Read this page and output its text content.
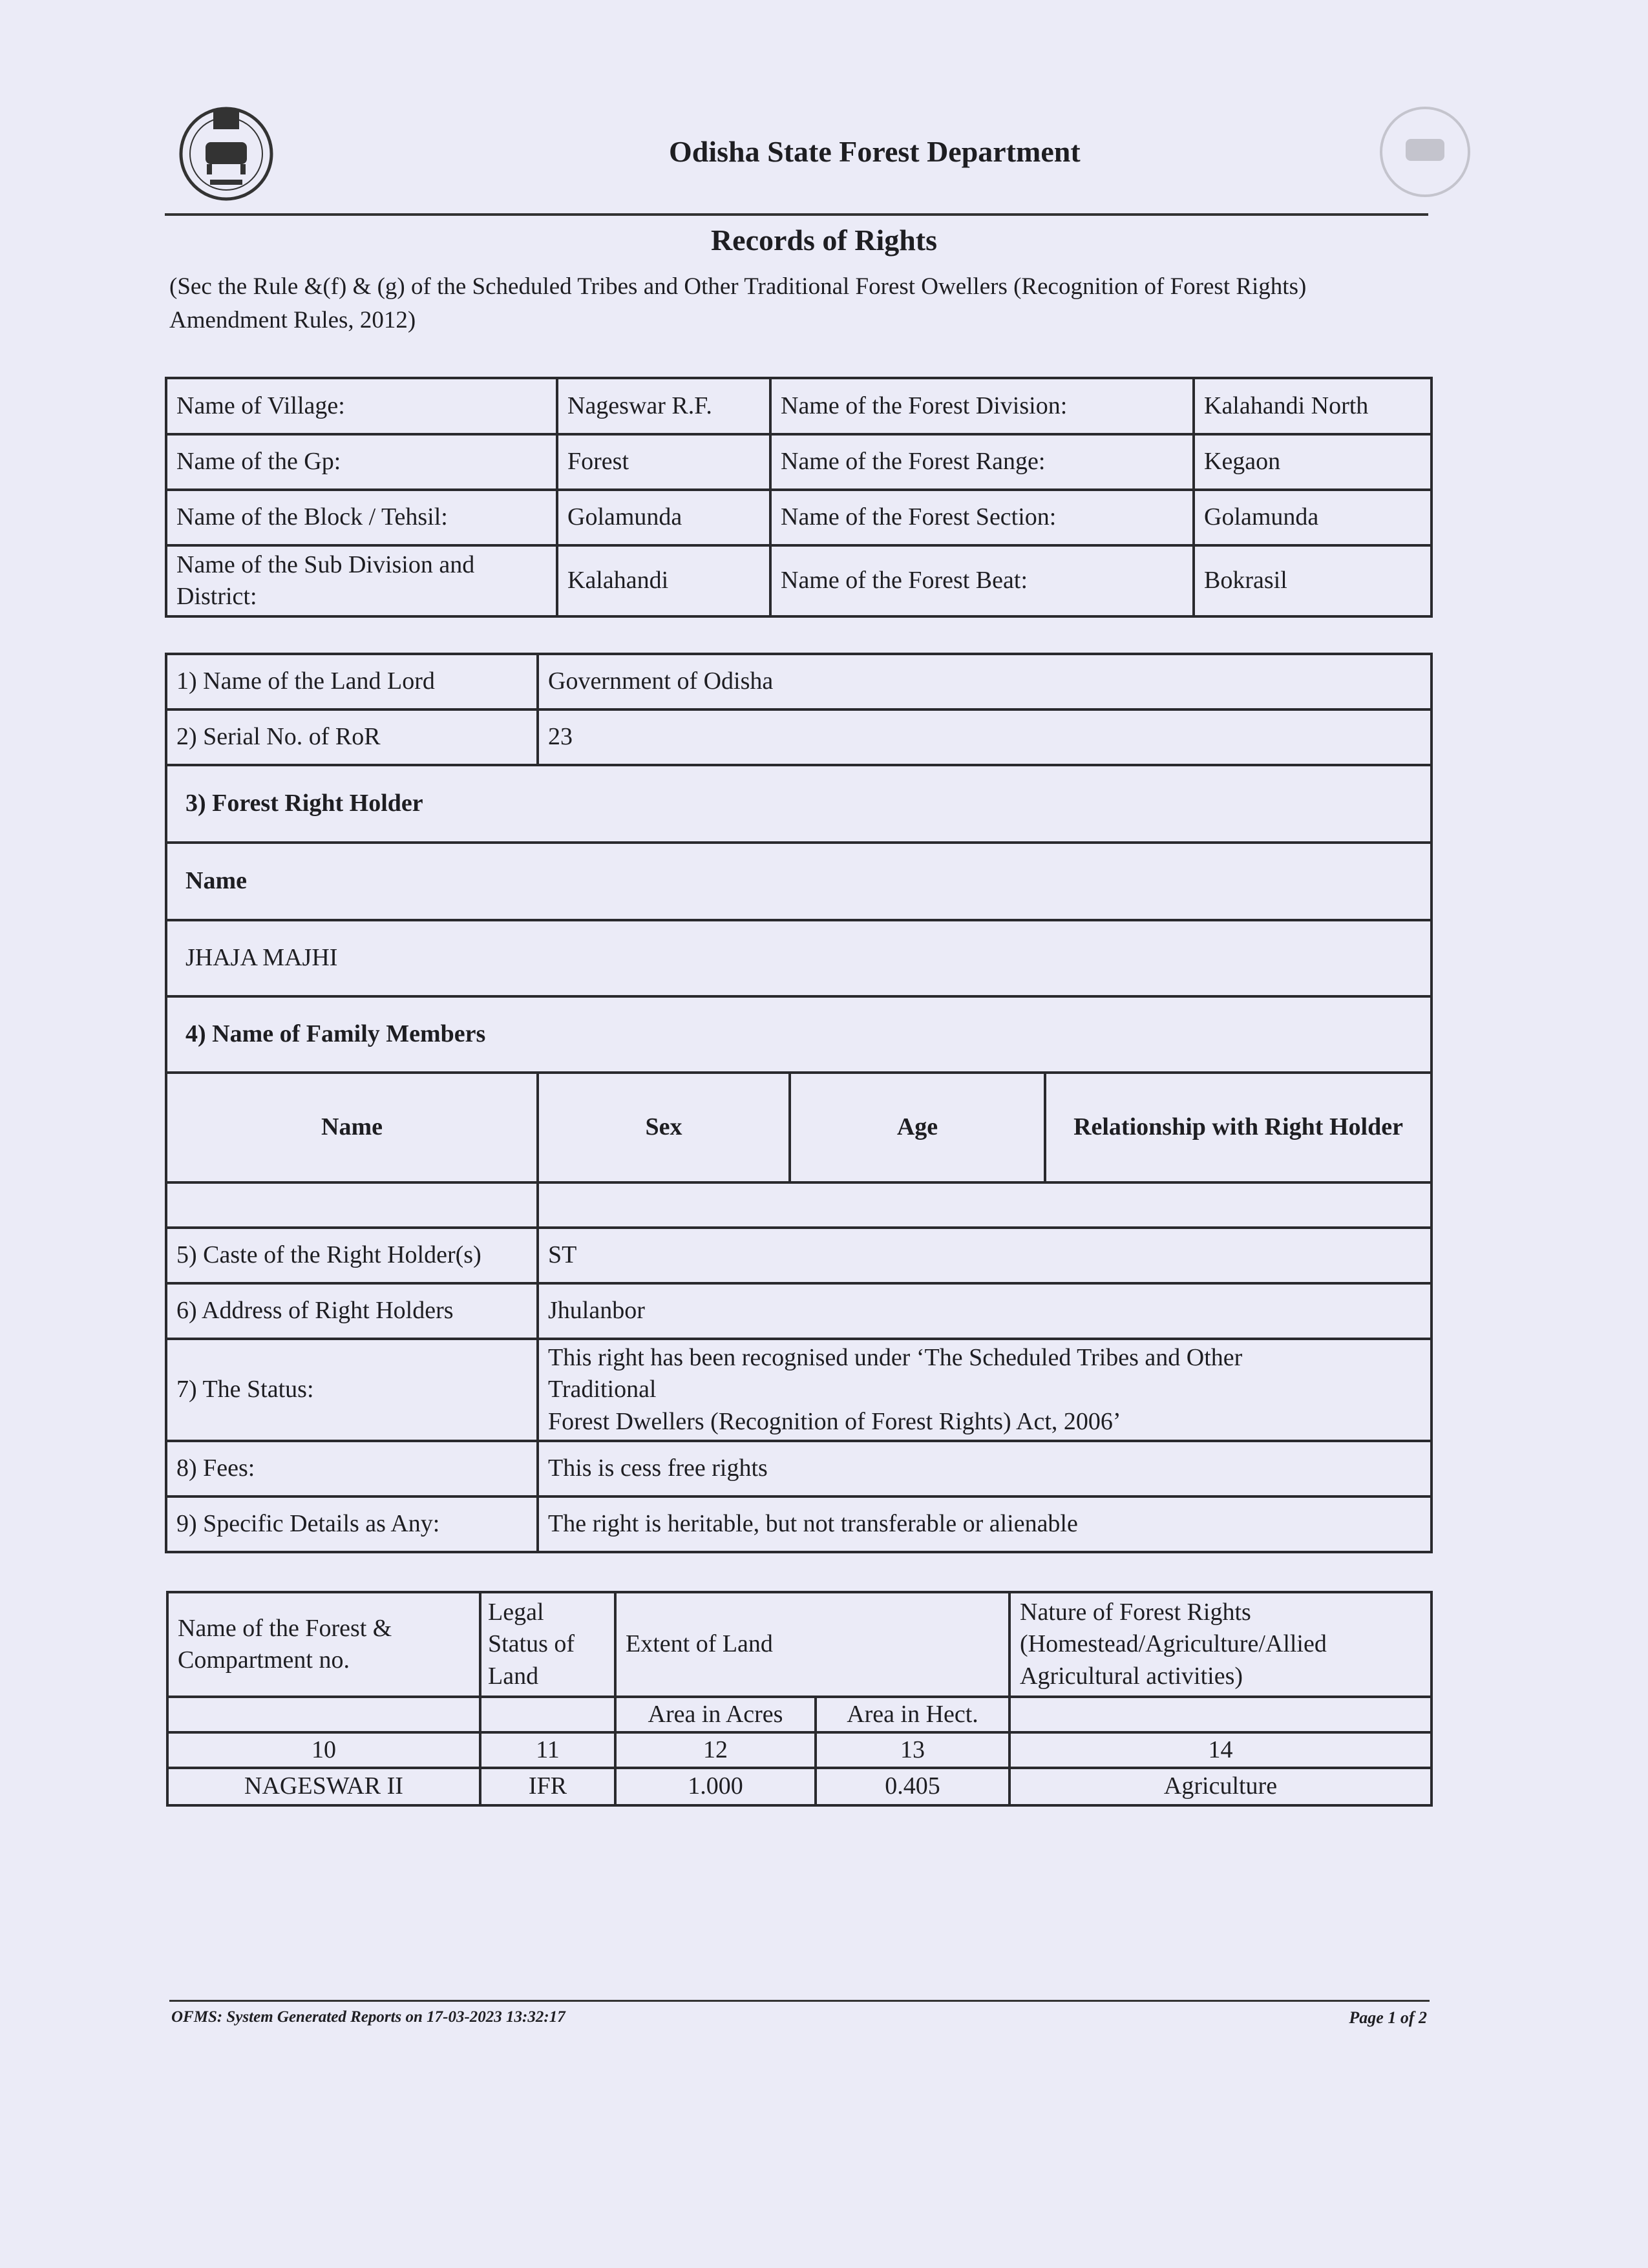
Odisha State Forest Department
Records of Rights
(Sec the Rule &(f) & (g) of the Scheduled Tribes and Other Traditional Forest Owellers (Recognition of Forest Rights) Amendment Rules, 2012)
Name of Village:	Nageswar R.F.	Name of the Forest Division:	Kalahandi North
Name of the Gp:	Forest	Name of the Forest Range:	Kegaon
Name of the Block / Tehsil:	Golamunda	Name of the Forest Section:	Golamunda
Name of the Sub Division and District:	Kalahandi	Name of the Forest Beat:	Bokrasil
1) Name of the Land Lord	Government of Odisha		
2) Serial No. of RoR	23		
3) Forest Right Holder			
Name			
JHAJA MAJHI			
4) Name of Family Members			
Name	Sex	Age	Relationship with Right Holder

5) Caste of the Right Holder(s)	ST		
6) Address of Right Holders	Jhulanbor		
7) The Status:	This right has been recognised under ‘The Scheduled Tribes and Other
Traditional
Forest Dwellers (Recognition of Forest Rights) Act, 2006’		

8) Fees:	This is cess free rights		
9) Specific Details as Any:	The right is heritable, but not transferable or alienable		
Name of the Forest & Compartment no.	Legal Status of Land	Extent of Land		Nature of Forest Rights (Homestead/Agriculture/Allied Agricultural activities)
		Area in Acres	Area in Hect.	
10	11	12	13	14
NAGESWAR II	IFR	1.000	0.405	Agriculture
OFMS: System Generated Reports on 17-03-2023 13:32:17	Page 1 of 2
